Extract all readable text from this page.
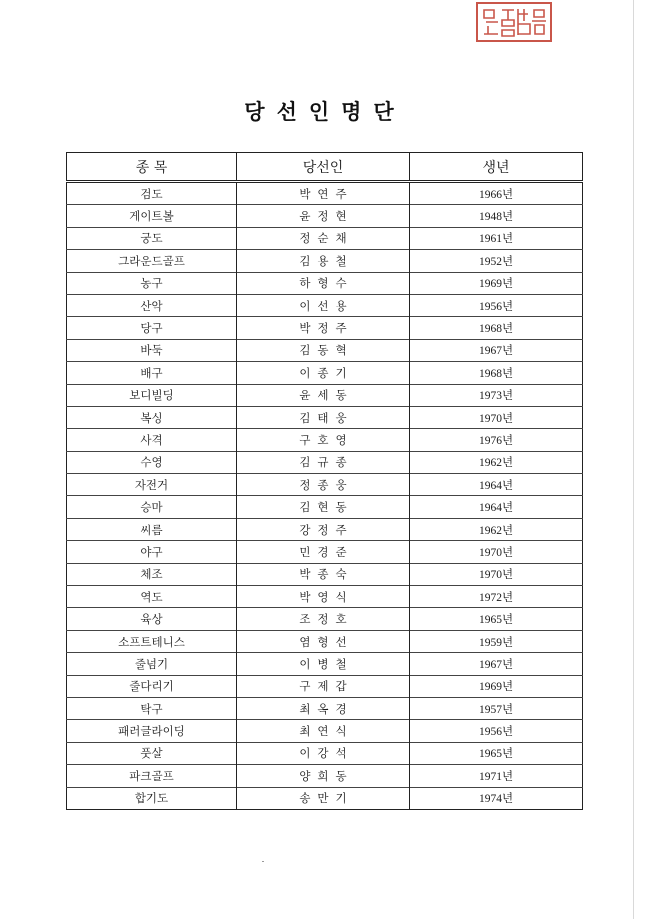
당선인명단
종 목	당선인	생년
검도	박연주	1966년
게이트볼	윤정현	1948년
궁도	정순채	1961년
그라운드골프	김용철	1952년
농구	하형수	1969년
산악	이선용	1956년
당구	박정주	1968년
바둑	김동혁	1967년
배구	이종기	1968년
보디빌딩	윤세동	1973년
복싱	김태웅	1970년
사격	구호영	1976년
수영	김규종	1962년
자전거	정종웅	1964년
승마	김현동	1964년
씨름	강정주	1962년
야구	민경준	1970년
체조	박종숙	1970년
역도	박영식	1972년
육상	조정호	1965년
소프트테니스	염형선	1959년
줄넘기	이병철	1967년
줄다리기	구제갑	1969년
탁구	최옥경	1957년
패러글라이딩	최연식	1956년
풋살	이강석	1965년
파크골프	양희동	1971년
합기도	송만기	1974년
